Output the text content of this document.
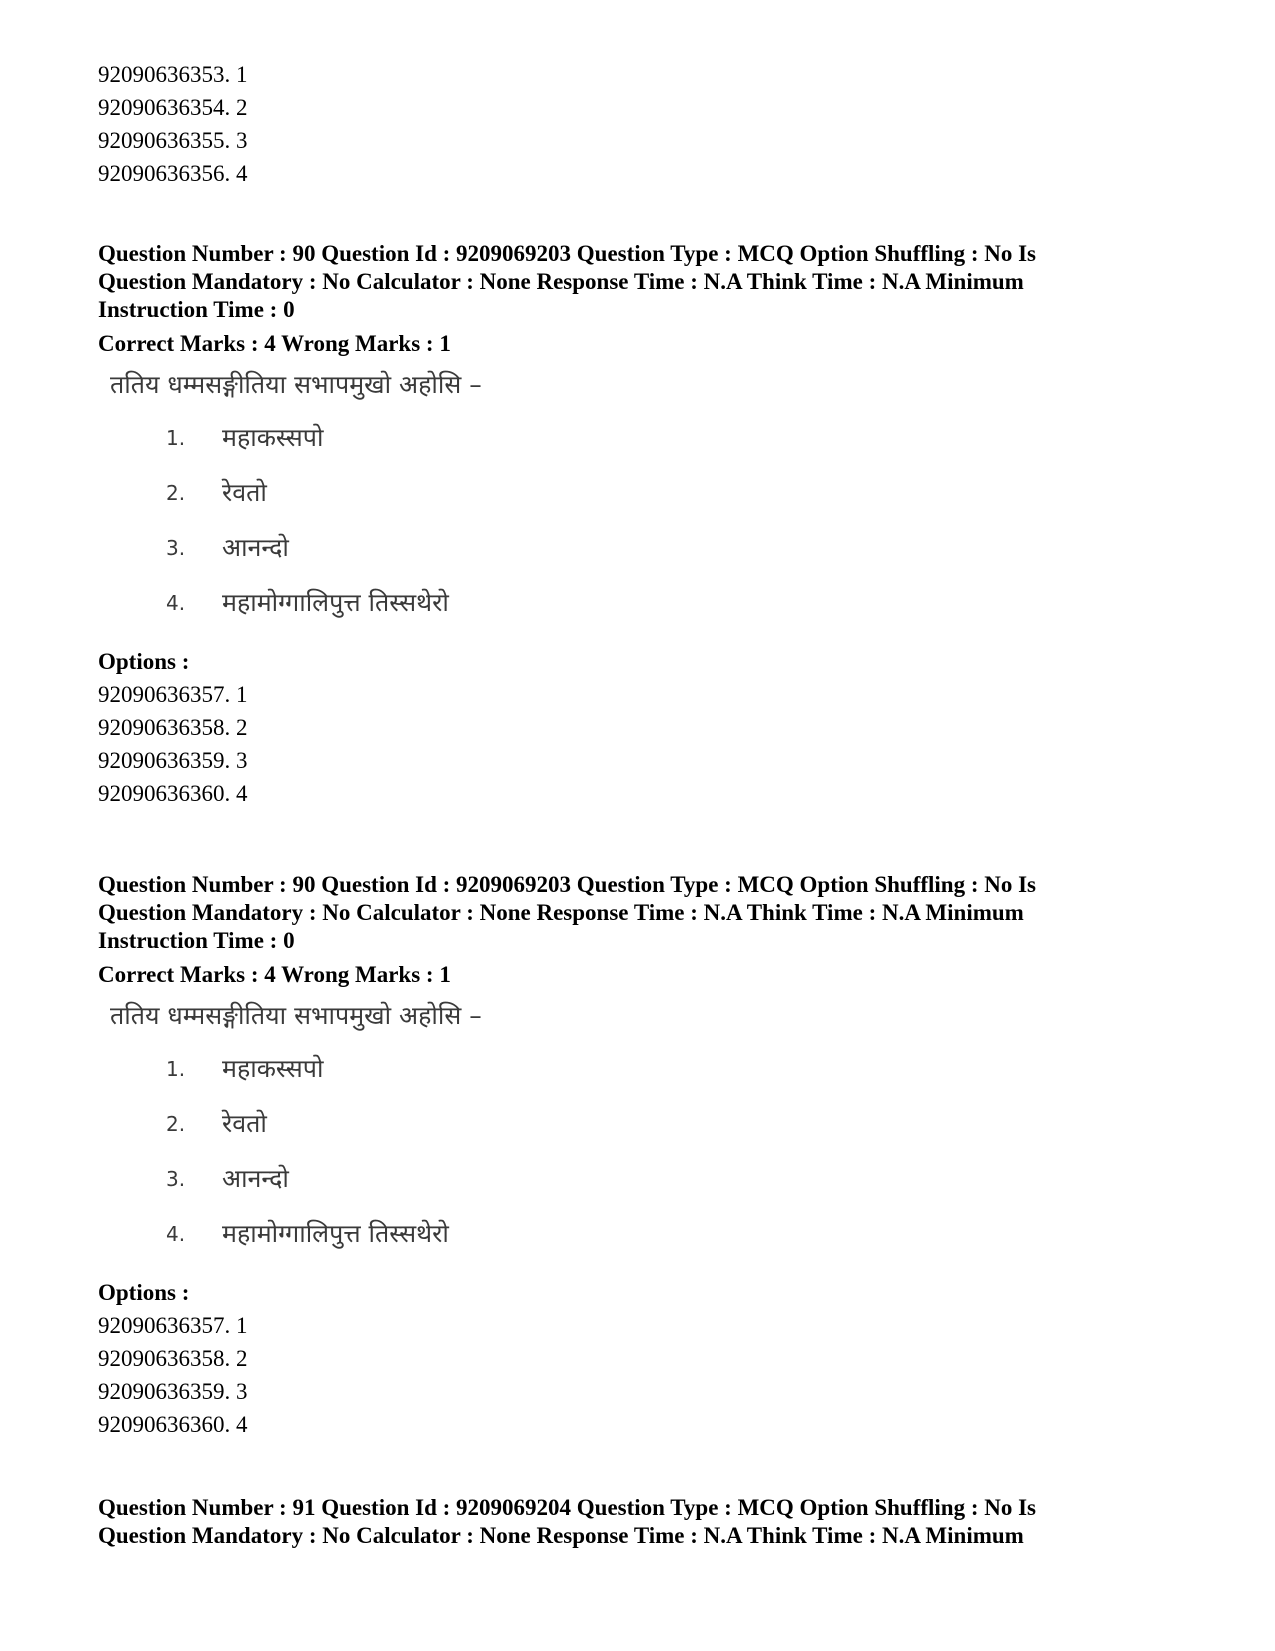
92090636353. 1
92090636354. 2
92090636355. 3
92090636356. 4
Question Number : 90 Question Id : 9209069203 Question Type : MCQ Option Shuffling : No Is
Question Mandatory : No Calculator : None Response Time : N.A Think Time : N.A Minimum
Instruction Time : 0
Correct Marks : 4 Wrong Marks : 1
ततिय धम्मसङ्गीतिया सभापमुखो अहोसि –
1. महाकस्सपो
2. रेवतो
3. आनन्दो
4. महामोग्गालिपुत्त तिस्सथेरो
Options :
92090636357. 1
92090636358. 2
92090636359. 3
92090636360. 4
Question Number : 90 Question Id : 9209069203 Question Type : MCQ Option Shuffling : No Is
Question Mandatory : No Calculator : None Response Time : N.A Think Time : N.A Minimum
Instruction Time : 0
Correct Marks : 4 Wrong Marks : 1
ततिय धम्मसङ्गीतिया सभापमुखो अहोसि –
1. महाकस्सपो
2. रेवतो
3. आनन्दो
4. महामोग्गालिपुत्त तिस्सथेरो
Options :
92090636357. 1
92090636358. 2
92090636359. 3
92090636360. 4
Question Number : 91 Question Id : 9209069204 Question Type : MCQ Option Shuffling : No Is
Question Mandatory : No Calculator : None Response Time : N.A Think Time : N.A Minimum
